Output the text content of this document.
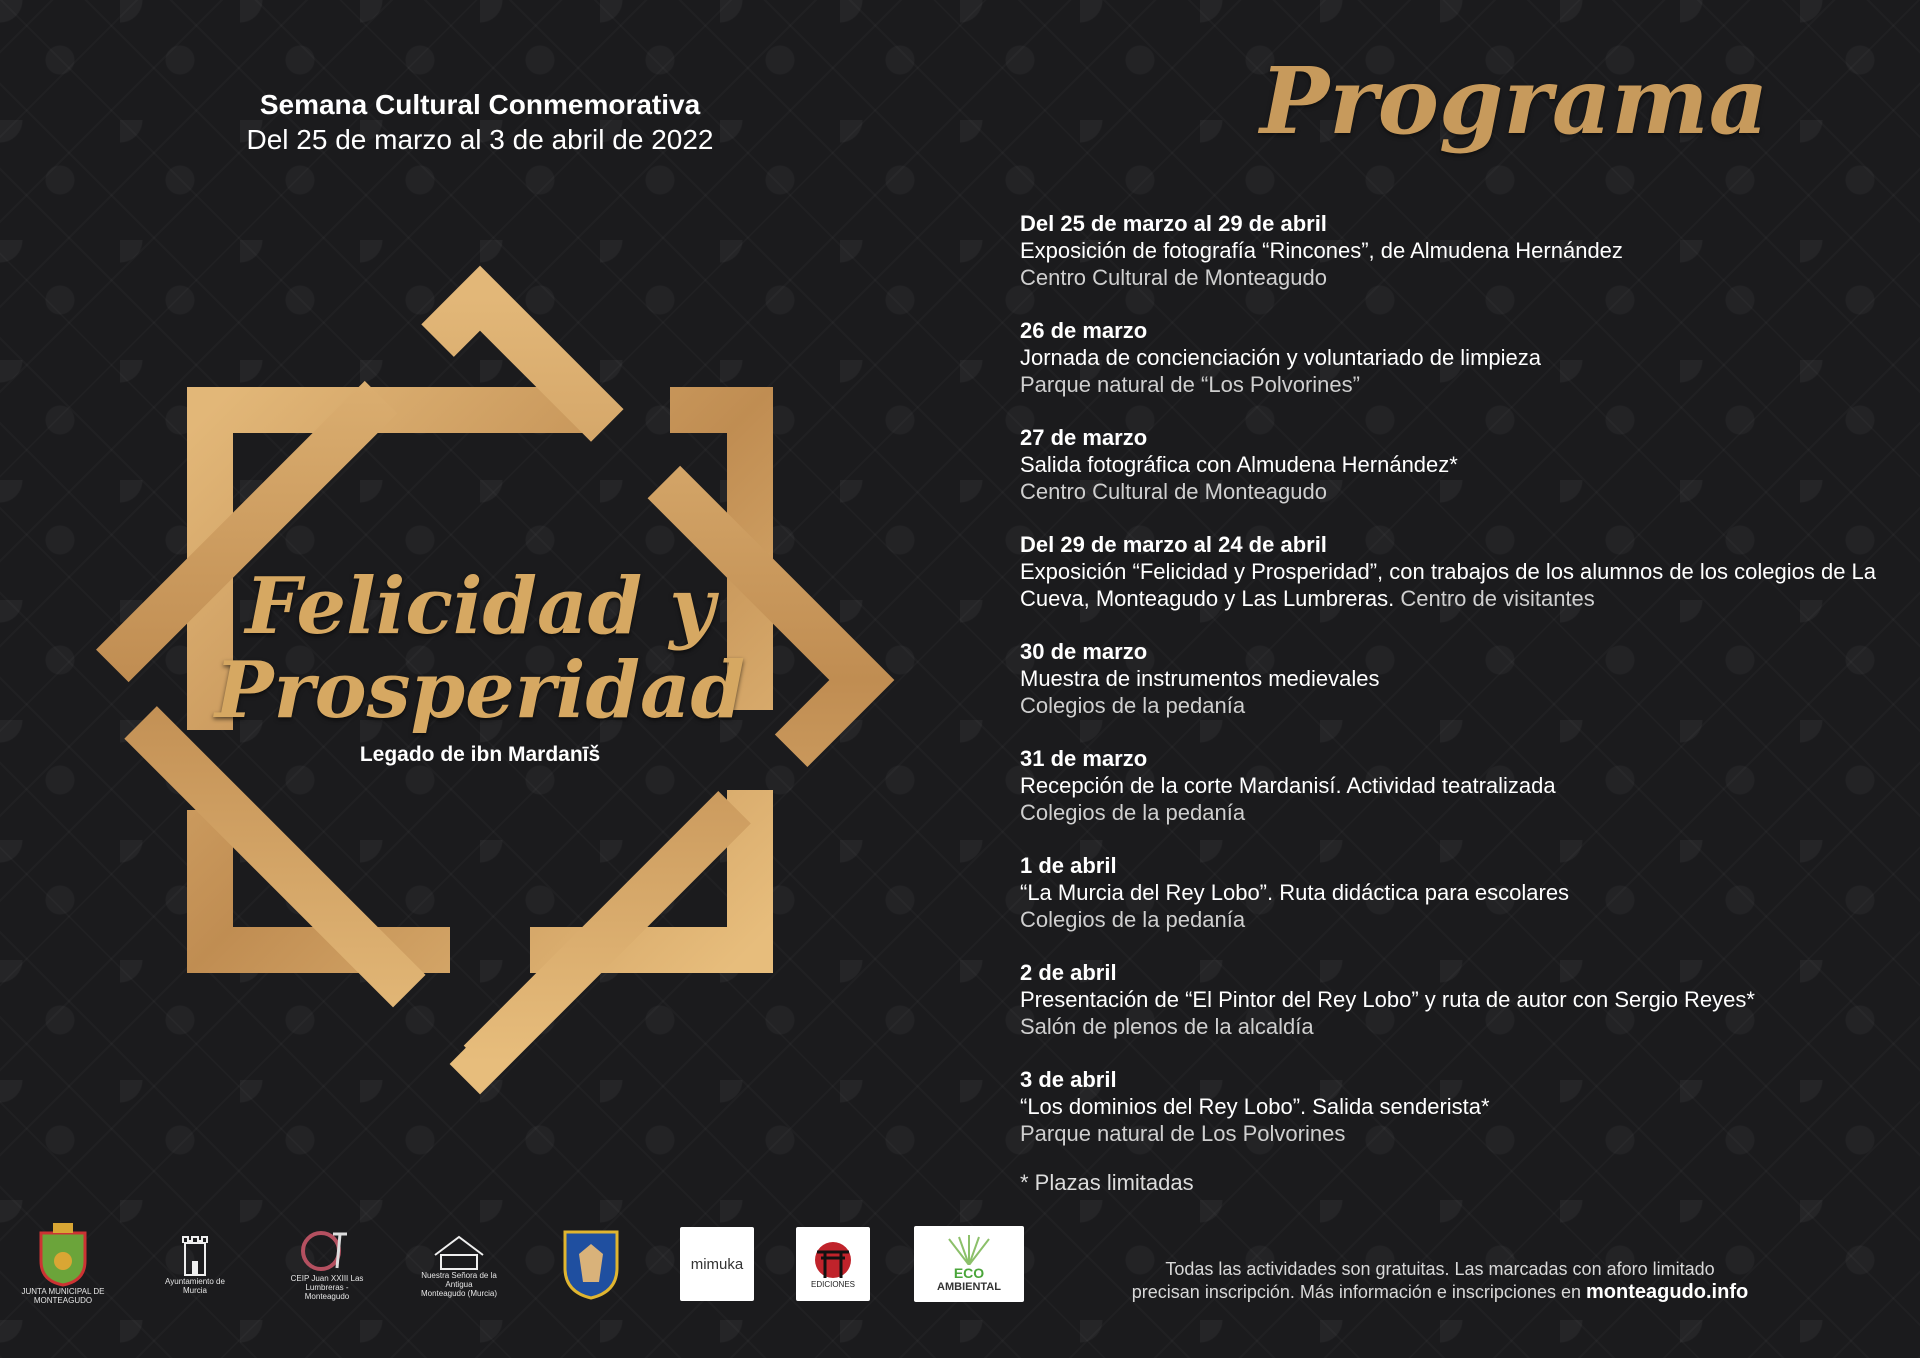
Semana Cultural Conmemorativa
Del 25 de marzo al 3 de abril de 2022
Felicidad y
Prosperidad
Legado de ibn Mardanīš
Programa
Del 25 de marzo al 29 de abril
Exposición de fotografía “Rincones”, de Almudena Hernández
Centro Cultural de Monteagudo
26 de marzo
Jornada de concienciación y voluntariado de limpieza
Parque natural de “Los Polvorines”
27 de marzo
Salida fotográfica con Almudena Hernández*
Centro Cultural de Monteagudo
Del 29 de marzo al 24 de abril
Exposición “Felicidad y Prosperidad”, con trabajos de los alumnos de los colegios de La Cueva, Monteagudo y Las Lumbreras. Centro de visitantes
30 de marzo
Muestra de instrumentos medievales
Colegios de la pedanía
31 de marzo
Recepción de la corte Mardanisí. Actividad teatralizada
Colegios de la pedanía
1 de abril
“La Murcia del Rey Lobo”. Ruta didáctica para escolares
Colegios de la pedanía
2 de abril
Presentación de “El Pintor del Rey Lobo” y ruta de autor con Sergio Reyes*
Salón de plenos de la alcaldía
3 de abril
“Los dominios del Rey Lobo”. Salida senderista*
Parque natural de Los Polvorines
* Plazas limitadas
JUNTA MUNICIPAL DE MONTEAGUDO
Ayuntamiento de Murcia
CEIP Juan XXIII Las Lumbreras - Monteagudo
Nuestra Señora de la Antigua
Monteagudo (Murcia)
mimuka
EDICIONES
ECO
AMBIENTAL
Todas las actividades son gratuitas. Las marcadas con aforo limitado
precisan inscripción. Más información e inscripciones en monteagudo.info
